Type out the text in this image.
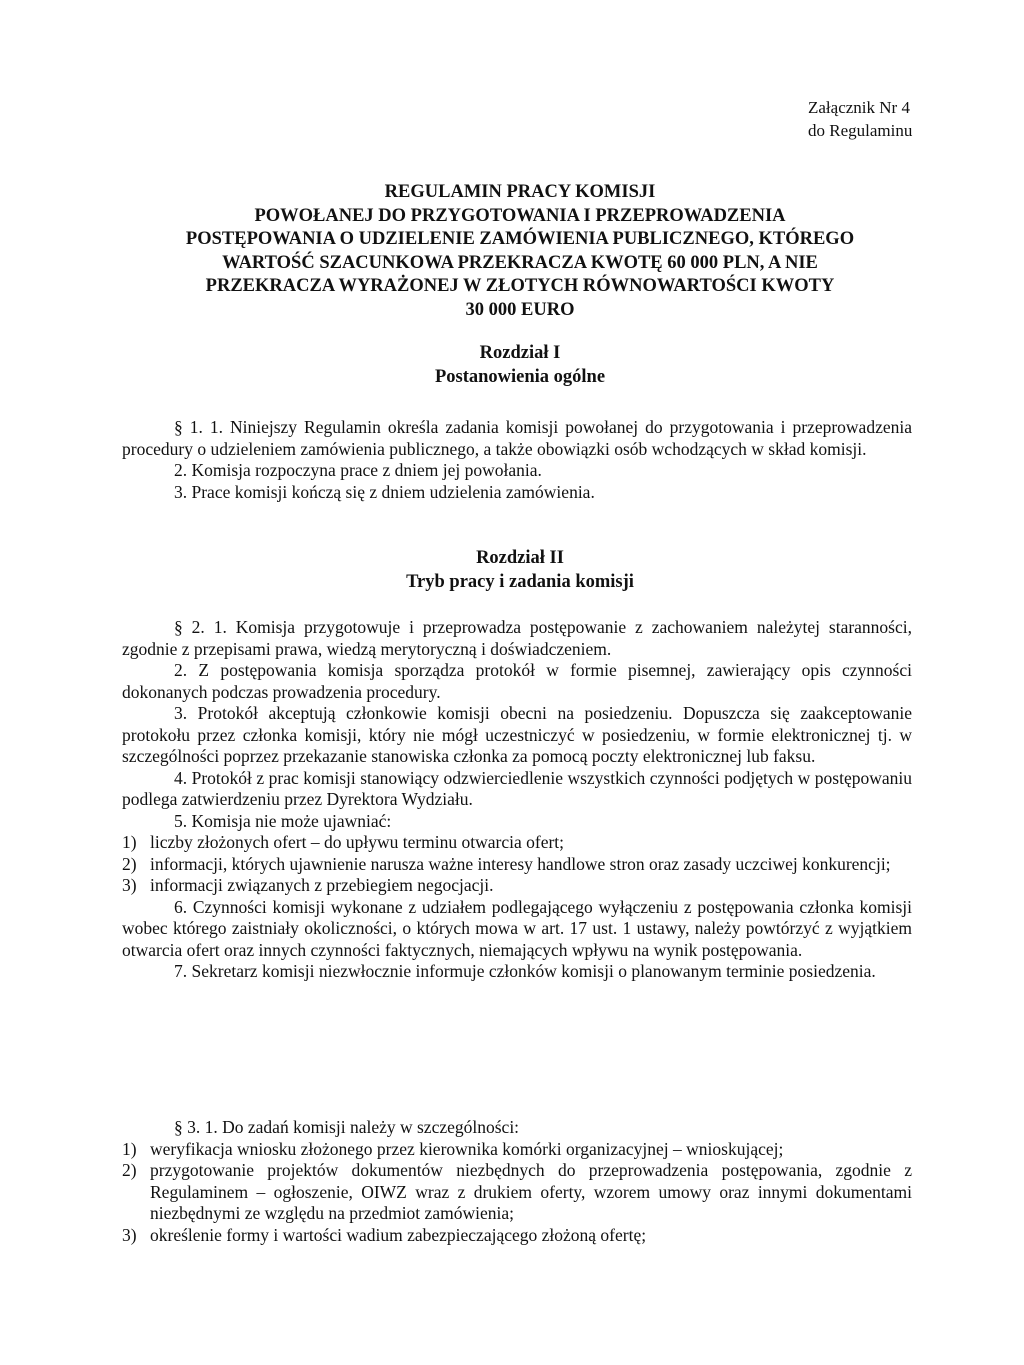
Załącznik Nr 4
do Regulaminu
REGULAMIN PRACY KOMISJI
POWOŁANEJ DO PRZYGOTOWANIA I PRZEPROWADZENIA
POSTĘPOWANIA O UDZIELENIE ZAMÓWIENIA PUBLICZNEGO, KTÓREGO
WARTOŚĆ SZACUNKOWA PRZEKRACZA KWOTĘ 60 000 PLN, A NIE
PRZEKRACZA WYRAŻONEJ W ZŁOTYCH RÓWNOWARTOŚCI KWOTY
30 000 EURO
Rozdział I
Postanowienia ogólne

§ 1. 1. Niniejszy Regulamin określa zadania komisji powołanej do przygotowania i przeprowadzenia procedury o udzieleniem zamówienia publicznego, a także obowiązki osób wchodzących w skład komisji.

2. Komisja rozpoczyna prace z dniem jej powołania.

3. Prace komisji kończą się z dniem udzielenia zamówienia.

Rozdział II
Tryb pracy i zadania komisji

§ 2. 1. Komisja przygotowuje i przeprowadza postępowanie z zachowaniem należytej staranności, zgodnie z przepisami prawa, wiedzą merytoryczną i doświadczeniem.

2. Z postępowania komisja sporządza protokół w formie pisemnej, zawierający opis czynności dokonanych podczas prowadzenia procedury.

3. Protokół akceptują członkowie komisji obecni na posiedzeniu. Dopuszcza się zaakceptowanie protokołu przez członka komisji, który nie mógł uczestniczyć w posiedzeniu, w formie elektronicznej tj. w szczególności poprzez przekazanie stanowiska członka za pomocą poczty elektronicznej lub faksu.

4. Protokół z prac komisji stanowiący odzwierciedlenie wszystkich czynności podjętych w postępowaniu podlega zatwierdzeniu przez Dyrektora Wydziału.

5. Komisja nie może ujawniać:

1) liczby złożonych ofert – do upływu terminu otwarcia ofert;
2) informacji, których ujawnienie narusza ważne interesy handlowe stron oraz zasady uczciwej konkurencji;
3) informacji związanych z przebiegiem negocjacji.

6. Czynności komisji wykonane z udziałem podlegającego wyłączeniu z postępowania członka komisji wobec którego zaistniały okoliczności, o których mowa w art. 17 ust. 1 ustawy, należy powtórzyć z wyjątkiem otwarcia ofert oraz innych czynności faktycznych, niemających wpływu na wynik postępowania.

7. Sekretarz komisji niezwłocznie informuje członków komisji o planowanym terminie posiedzenia.

§ 3. 1. Do zadań komisji należy w szczególności:

1) weryfikacja wniosku złożonego przez kierownika komórki organizacyjnej – wnioskującej;
2) przygotowanie projektów dokumentów niezbędnych do przeprowadzenia postępowania, zgodnie z Regulaminem – ogłoszenie, OIWZ wraz z drukiem oferty, wzorem umowy oraz innymi dokumentami niezbędnymi ze względu na przedmiot zamówienia;
3) określenie formy i wartości wadium zabezpieczającego złożoną ofertę;
